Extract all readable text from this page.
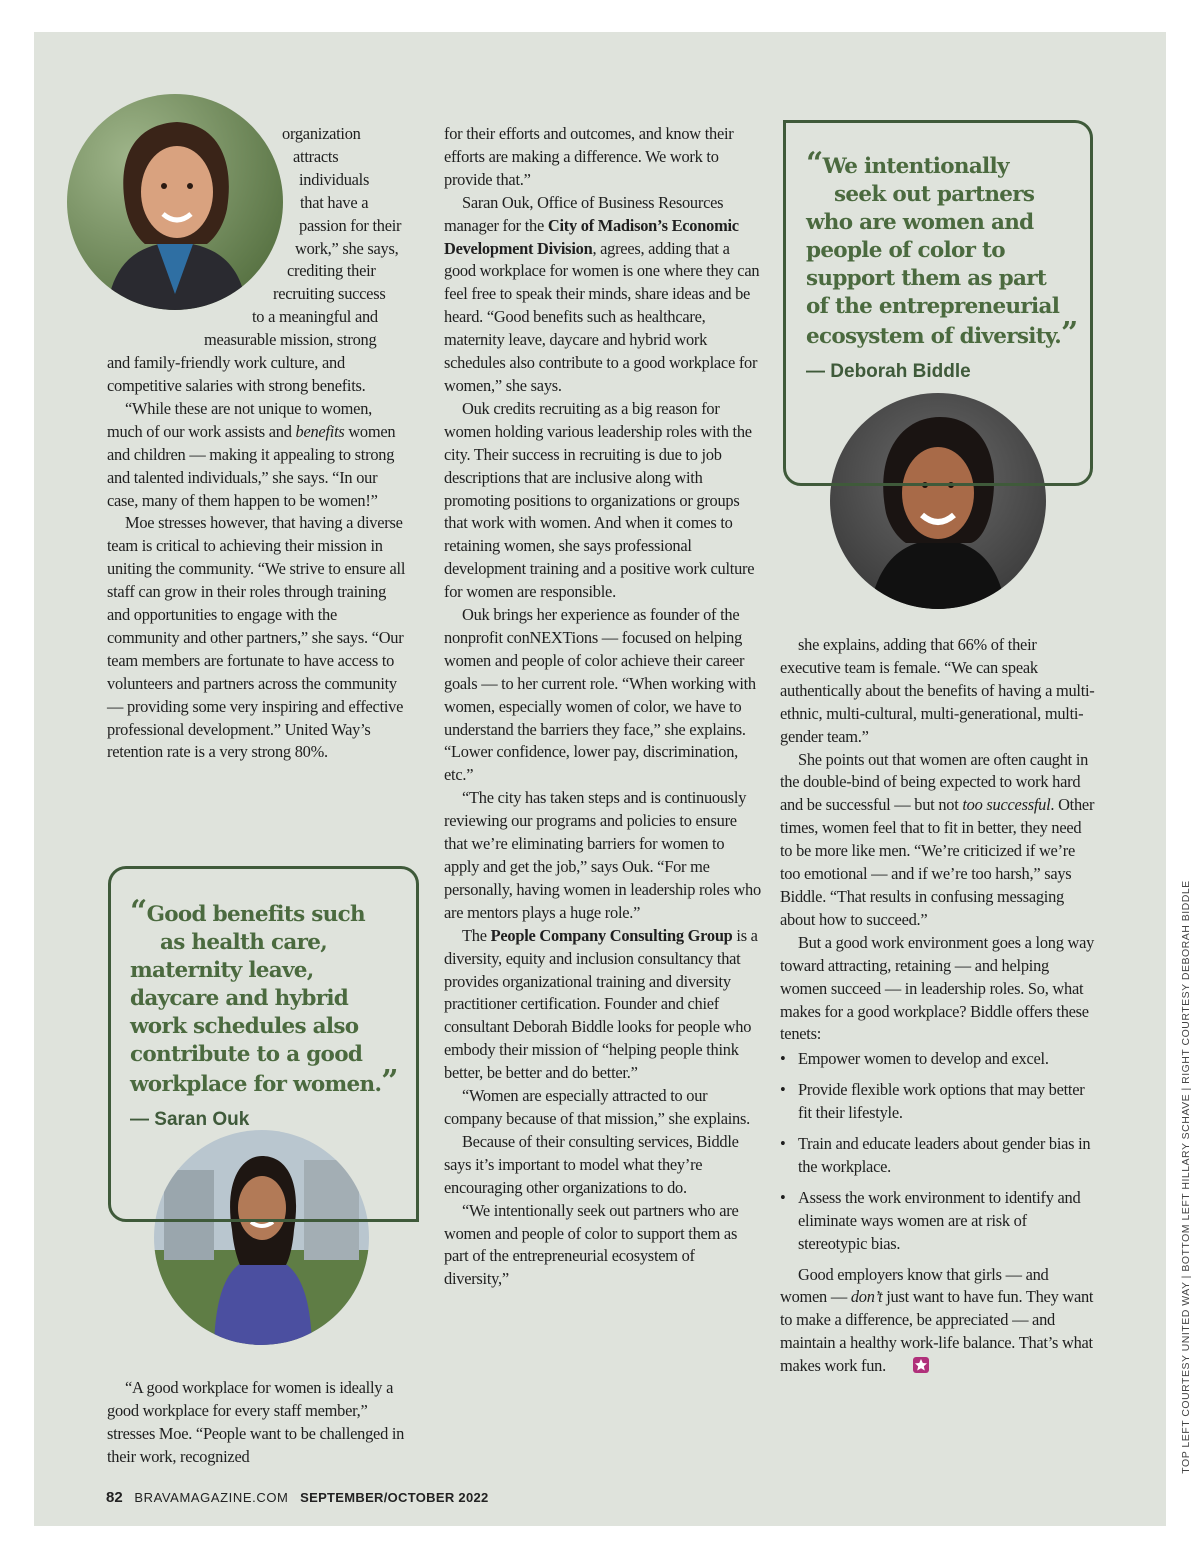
organization
attracts
individuals
that have a
passion for their
work,” she says,
crediting their
recruiting success
to a meaningful and
measurable mission, strong

and family-friendly work culture, and competitive salaries with strong benefits.

“While these are not unique to women, much of our work assists and benefits women and children — making it appealing to strong and talented individuals,” she says. “In our case, many of them happen to be women!”

Moe stresses however, that having a diverse team is critical to achieving their mission in uniting the community. “We strive to ensure all staff can grow in their roles through training and opportunities to engage with the community and other partners,” she says. “Our team members are fortunate to have access to volunteers and partners across the community — providing some very inspiring and effective professional development.” United Way’s retention rate is a very strong 80%.

“Good benefits such
as health care,
maternity leave,
daycare and hybrid
work schedules also
contribute to a good
workplace for women.”
— Saran Ouk

“A good workplace for women is ideally a good workplace for every staff member,” stresses Moe. “People want to be challenged in their work, recognized

for their efforts and outcomes, and know their efforts are making a difference. We work to provide that.”

Saran Ouk, Office of Business Resources manager for the City of Madison’s Economic Development Division, agrees, adding that a good workplace for women is one where they can feel free to speak their minds, share ideas and be heard. “Good benefits such as healthcare, maternity leave, daycare and hybrid work schedules also contribute to a good workplace for women,” she says.

Ouk credits recruiting as a big reason for women holding various leadership roles with the city. Their success in recruiting is due to job descriptions that are inclusive along with promoting positions to organizations or groups that work with women. And when it comes to retaining women, she says professional development training and a positive work culture for women are responsible.

Ouk brings her experience as founder of the nonprofit conNEXTions — focused on helping women and people of color achieve their career goals — to her current role. “When working with women, especially women of color, we have to understand the barriers they face,” she explains. “Lower confidence, lower pay, discrimination, etc.”

“The city has taken steps and is continuously reviewing our programs and policies to ensure that we’re eliminating barriers for women to apply and get the job,” says Ouk. “For me personally, having women in leadership roles who are mentors plays a huge role.”

The People Company Consulting Group is a diversity, equity and inclusion consultancy that provides organizational training and diversity practitioner certification. Founder and chief consultant Deborah Biddle looks for people who embody their mission of “helping people think better, be better and do better.”

“Women are especially attracted to our company because of that mission,” she explains.

Because of their consulting services, Biddle says it’s important to model what they’re encouraging other organizations to do.

“We intentionally seek out partners who are women and people of color to support them as part of the entrepreneurial ecosystem of diversity,”

“We intentionally
seek out partners
who are women and
people of color to
support them as part
of the entrepreneurial
ecosystem of diversity.”
— Deborah Biddle

she explains, adding that 66% of their executive team is female. “We can speak authentically about the benefits of having a multi-ethnic, multi-cultural, multi-generational, multi-gender team.”

She points out that women are often caught in the double-bind of being expected to work hard and be successful — but not too successful. Other times, women feel that to fit in better, they need to be more like men. “We’re criticized if we’re too emotional — and if we’re too harsh,” says Biddle. “That results in confusing messaging about how to succeed.”

But a good work environment goes a long way toward attracting, retaining — and helping women succeed — in leadership roles. So, what makes for a good workplace? Biddle offers these tenets:

• Empower women to develop and excel.
• Provide flexible work options that may better fit their lifestyle.
• Train and educate leaders about gender bias in the workplace.
• Assess the work environment to identify and eliminate ways women are at risk of stereotypic bias.

Good employers know that girls — and women — don’t just want to have fun. They want to make a difference, be appreciated — and maintain a healthy work-life balance. That’s what makes work fun.	TOP LEFT COURTESY UNITED WAY | BOTTOM LEFT HILLARY SCHAVE | RIGHT COURTESY DEBORAH BIDDLE
82 BRAVAMAGAZINE.COM SEPTEMBER/OCTOBER 2022
